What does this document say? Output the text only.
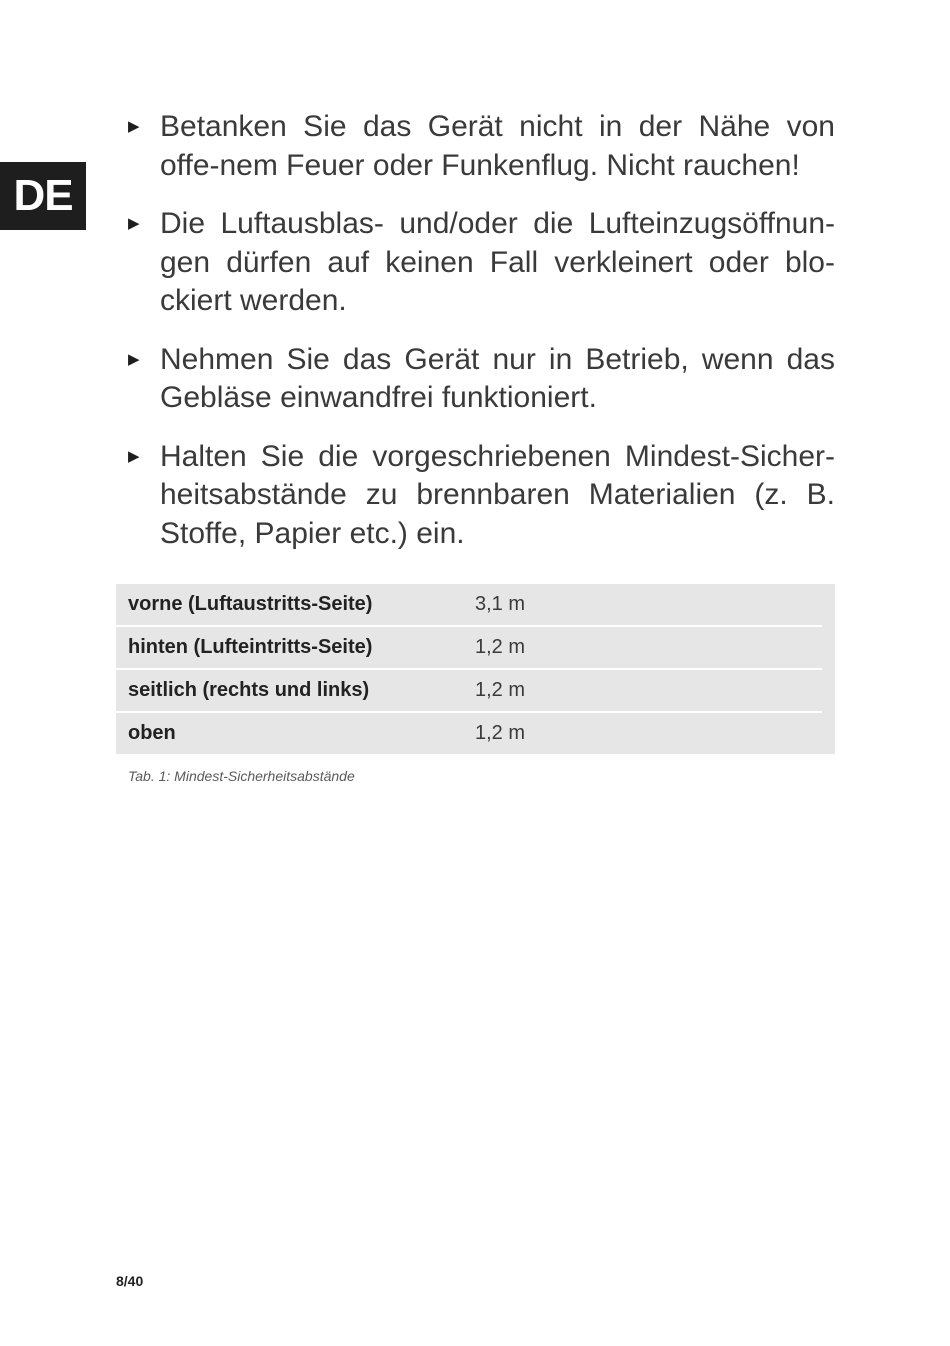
DE
▶ Betanken Sie das Gerät nicht in der Nähe von offe-nem Feuer oder Funkenflug. Nicht rauchen!
▶ Die Luftausblas- und/oder die Lufteinzugsöffnun-gen dürfen auf keinen Fall verkleinert oder blo-ckiert werden.
▶ Nehmen Sie das Gerät nur in Betrieb, wenn das Gebläse einwandfrei funktioniert.
▶ Halten Sie die vorgeschriebenen Mindest-Sicher-heitsabstände zu brennbaren Materialien (z. B. Stoffe, Papier etc.) ein.
vorne (Luftaustritts-Seite)	3,1 m
hinten (Lufteintritts-Seite)	1,2 m
seitlich (rechts und links)	1,2 m
oben	1,2 m
Tab. 1: Mindest-Sicherheitsabstände
8/40
